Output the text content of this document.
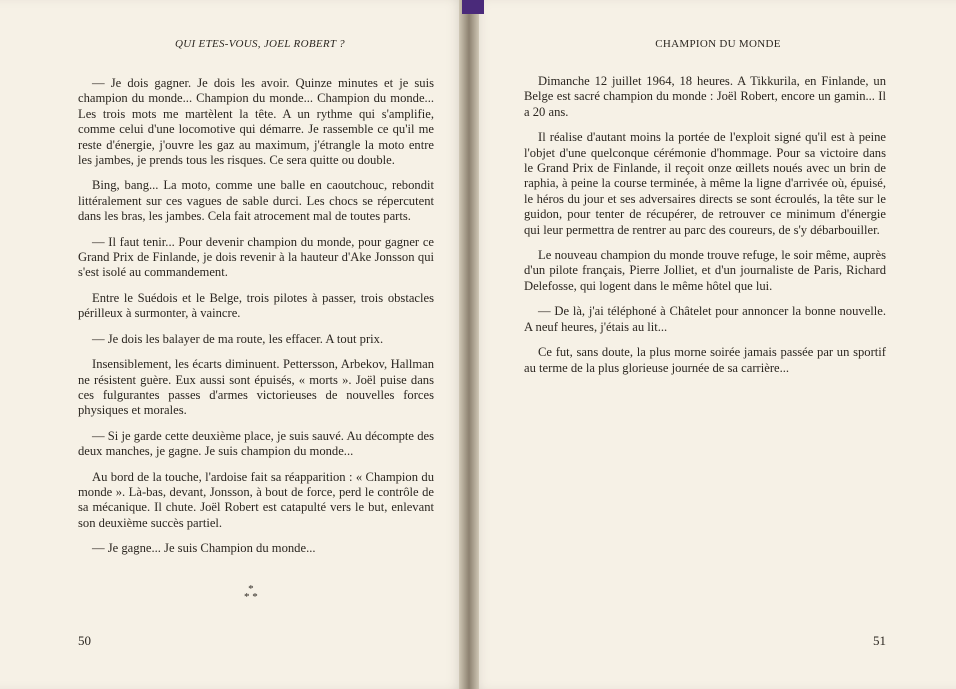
QUI ETES-VOUS, JOEL ROBERT ?

— Je dois gagner. Je dois les avoir. Quinze minutes et je suis champion du monde... Champion du monde... Champion du monde... Les trois mots me martèlent la tête. A un rythme qui s'amplifie, comme celui d'une locomotive qui démarre. Je rassemble ce qu'il me reste d'énergie, j'ouvre les gaz au maximum, j'étrangle la moto entre les jambes, je prends tous les risques. Ce sera quitte ou double.

Bing, bang... La moto, comme une balle en caoutchouc, rebondit littéralement sur ces vagues de sable durci. Les chocs se répercutent dans les bras, les jambes. Cela fait atrocement mal de toutes parts.

— Il faut tenir... Pour devenir champion du monde, pour gagner ce Grand Prix de Finlande, je dois revenir à la hauteur d'Ake Jonsson qui s'est isolé au commandement.

Entre le Suédois et le Belge, trois pilotes à passer, trois obstacles périlleux à surmonter, à vaincre.

— Je dois les balayer de ma route, les effacer. A tout prix.

Insensiblement, les écarts diminuent. Pettersson, Arbekov, Hallman ne résistent guère. Eux aussi sont épuisés, « morts ». Joël puise dans ces fulgurantes passes d'armes victorieuses de nouvelles forces physiques et morales.

— Si je garde cette deuxième place, je suis sauvé. Au décompte des deux manches, je gagne. Je suis champion du monde...

Au bord de la touche, l'ardoise fait sa réapparition : « Champion du monde ». Là-bas, devant, Jonsson, à bout de force, perd le contrôle de sa mécanique. Il chute. Joël Robert est catapulté vers le but, enlevant son deuxième succès partiel.

— Je gagne... Je suis Champion du monde...

*
* *
50
CHAMPION DU MONDE

Dimanche 12 juillet 1964, 18 heures. A Tikkurila, en Finlande, un Belge est sacré champion du monde : Joël Robert, encore un gamin... Il a 20 ans.

Il réalise d'autant moins la portée de l'exploit signé qu'il est à peine l'objet d'une quelconque cérémonie d'hommage. Pour sa victoire dans le Grand Prix de Finlande, il reçoit onze œillets noués avec un brin de raphia, à peine la course terminée, à même la ligne d'arrivée où, épuisé, le héros du jour et ses adversaires directs se sont écroulés, la tête sur le guidon, pour tenter de récupérer, de retrouver ce minimum d'énergie qui leur permettra de rentrer au parc des coureurs, de s'y débarbouiller.

Le nouveau champion du monde trouve refuge, le soir même, auprès d'un pilote français, Pierre Jolliet, et d'un journaliste de Paris, Richard Delefosse, qui logent dans le même hôtel que lui.

— De là, j'ai téléphoné à Châtelet pour annoncer la bonne nouvelle. A neuf heures, j'étais au lit...

Ce fut, sans doute, la plus morne soirée jamais passée par un sportif au terme de la plus glorieuse journée de sa carrière...

51
